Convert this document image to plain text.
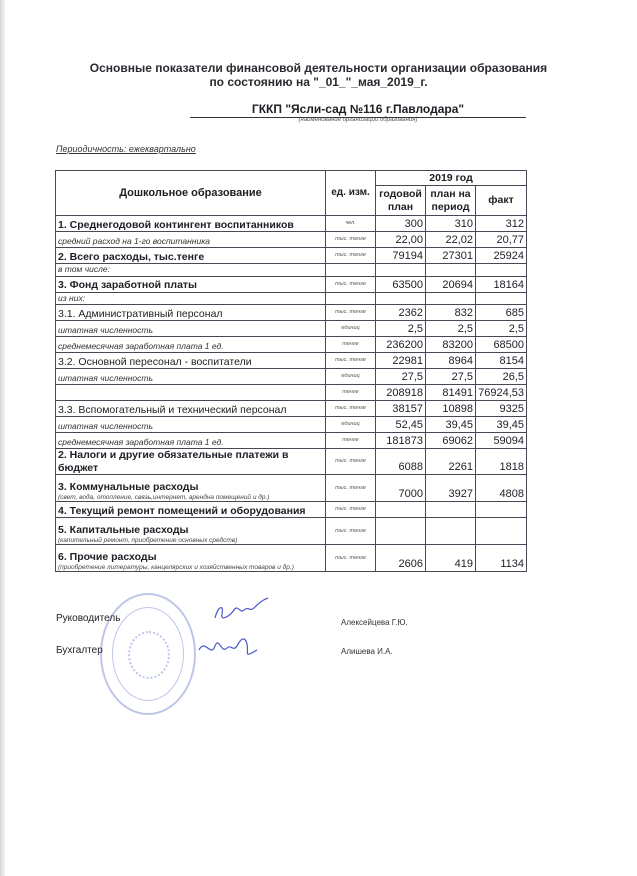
Основные показатели финансовой деятельности организации образования
по состоянию на "_01_"_мая_2019_г.
ГККП "Ясли-сад №116 г.Павлодара"
(наименование организации образования)
Периодичность: ежеквартально
Дошкольное образование	ед. изм.	2019 год		
		годовой план	план на период	факт
1. Среднегодовой контингент воспитанников	чел.	300	310	312
средний расход на 1-го воспитанника	тыс. тенге	22,00	22,02	20,77
2. Всего расходы, тыс.тенге	тыс. тенге	79194	27301	25924
в том числе:				
3. Фонд заработной платы	тыс. тенге	63500	20694	18164
из них:				
3.1. Административный персонал	тыс. тенге	2362	832	685
штатная численность	единиц	2,5	2,5	2,5
среднемесячная заработная плата 1 ед.	тенге	236200	83200	68500
3.2. Основной пересонал - воспитатели	тыс. тенге	22981	8964	8154
штатная численность	единиц	27,5	27,5	26,5
	тенге	208918	81491	76924,53
3.3. Вспомогательный и технический персонал	тыс. тенге	38157	10898	9325
штатная численность	единиц	52,45	39,45	39,45
среднемесячная заработная плата 1 ед.	тенге	181873	69062	59094
2. Налоги и другие обязательные платежи в бюджет	тыс. тенге	6088	2261	1818
3. Коммунальные расходы
(свет, вода, отопление, связь,интернет, арендна помещений и др.)	тыс. тенге	7000	3927	4808
4. Текущий ремонт помещений и оборудования	тыс. тенге			
5. Капитальные расходы
(капительный ремонт, приобретение основных средств)	тыс. тенге			
6. Прочие расходы
(приобретение литературы, канцелярских и хозяйственных товаров и др.)	тыс. тенге	2606	419	1134
Руководитель
Бухгалтер
Алексейцева Г.Ю.
Алишева И.А.
